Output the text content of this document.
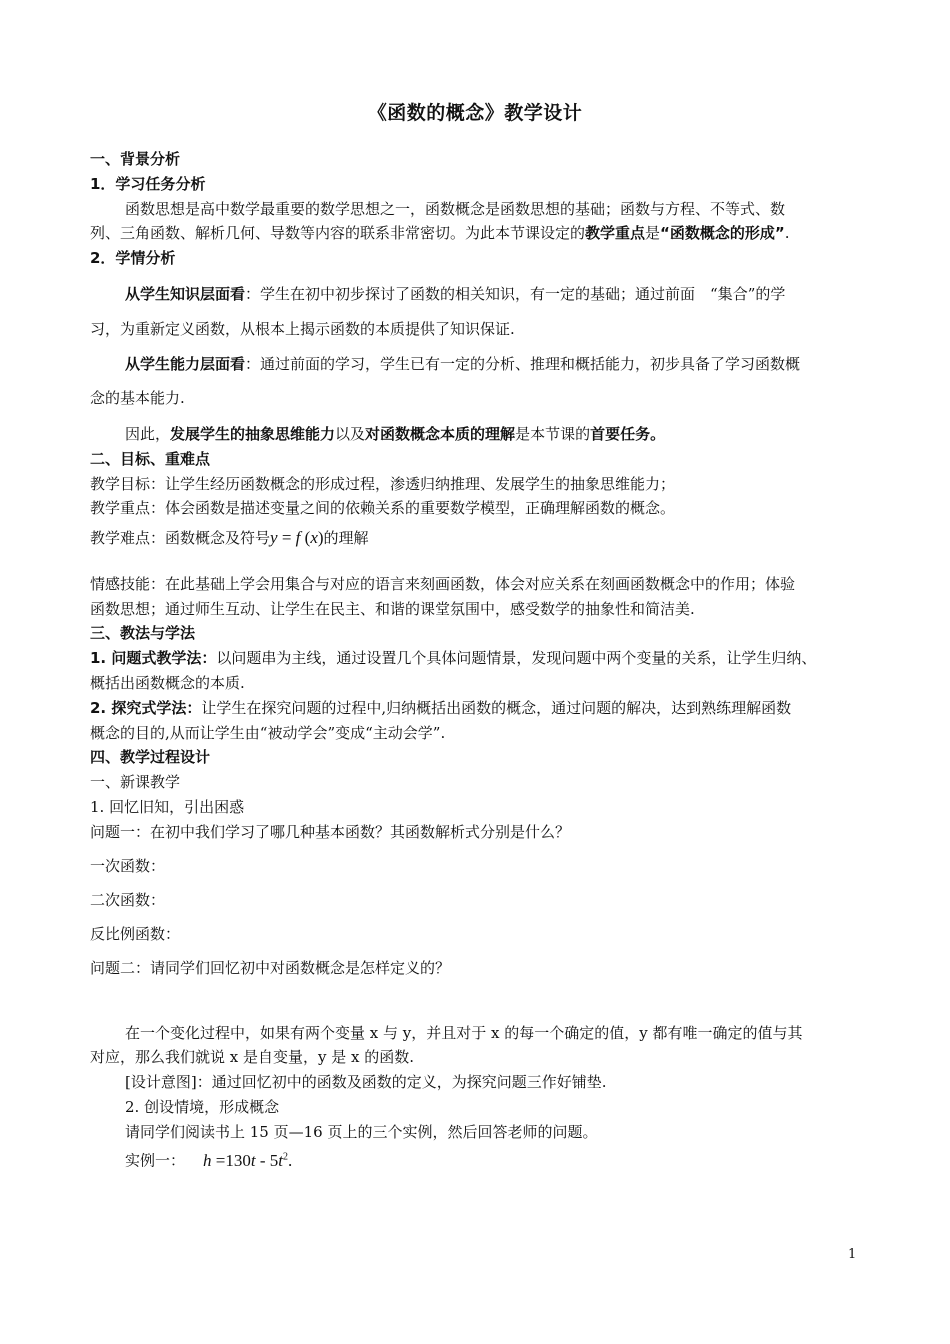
《函数的概念》教学设计
一、背景分析
1．学习任务分析
函数思想是高中数学最重要的数学思想之一，函数概念是函数思想的基础；函数与方程、不等式、数
列、三角函数、解析几何、导数等内容的联系非常密切。为此本节课设定的教学重点是“函数概念的形成”.
2．学情分析
从学生知识层面看：学生在初中初步探讨了函数的相关知识，有一定的基础；通过前面　“集合”的学
习，为重新定义函数，从根本上揭示函数的本质提供了知识保证.
从学生能力层面看：通过前面的学习，学生已有一定的分析、推理和概括能力，初步具备了学习函数概
念的基本能力.
因此，发展学生的抽象思维能力以及对函数概念本质的理解是本节课的首要任务。
二、目标、重难点
教学目标：让学生经历函数概念的形成过程，渗透归纳推理、发展学生的抽象思维能力；
教学重点：体会函数是描述变量之间的依赖关系的重要数学模型，正确理解函数的概念。
教学难点：函数概念及符号y = f (x)的理解
情感技能：在此基础上学会用集合与对应的语言来刻画函数，体会对应关系在刻画函数概念中的作用；体验
函数思想；通过师生互动、让学生在民主、和谐的课堂氛围中，感受数学的抽象性和简洁美.
三、教法与学法
1. 问题式教学法：以问题串为主线，通过设置几个具体问题情景，发现问题中两个变量的关系，让学生归纳、
概括出函数概念的本质.
2. 探究式学法：让学生在探究问题的过程中,归纳概括出函数的概念，通过问题的解决，达到熟练理解函数
概念的目的,从而让学生由“被动学会”变成“主动会学”.
四、教学过程设计
一、新课教学
1. 回忆旧知，引出困惑
问题一：在初中我们学习了哪几种基本函数？其函数解析式分别是什么？
一次函数：
二次函数：
反比例函数：
问题二：请同学们回忆初中对函数概念是怎样定义的？
在一个变化过程中，如果有两个变量 x 与 y，并且对于 x 的每一个确定的值，y 都有唯一确定的值与其
对应，那么我们就说 x 是自变量，y 是 x 的函数.
[设计意图]：通过回忆初中的函数及函数的定义，为探究问题三作好铺垫.
2. 创设情境，形成概念
请同学们阅读书上 15 页—16 页上的三个实例，然后回答老师的问题。
实例一： $h =130t - 5t^2$.
1
